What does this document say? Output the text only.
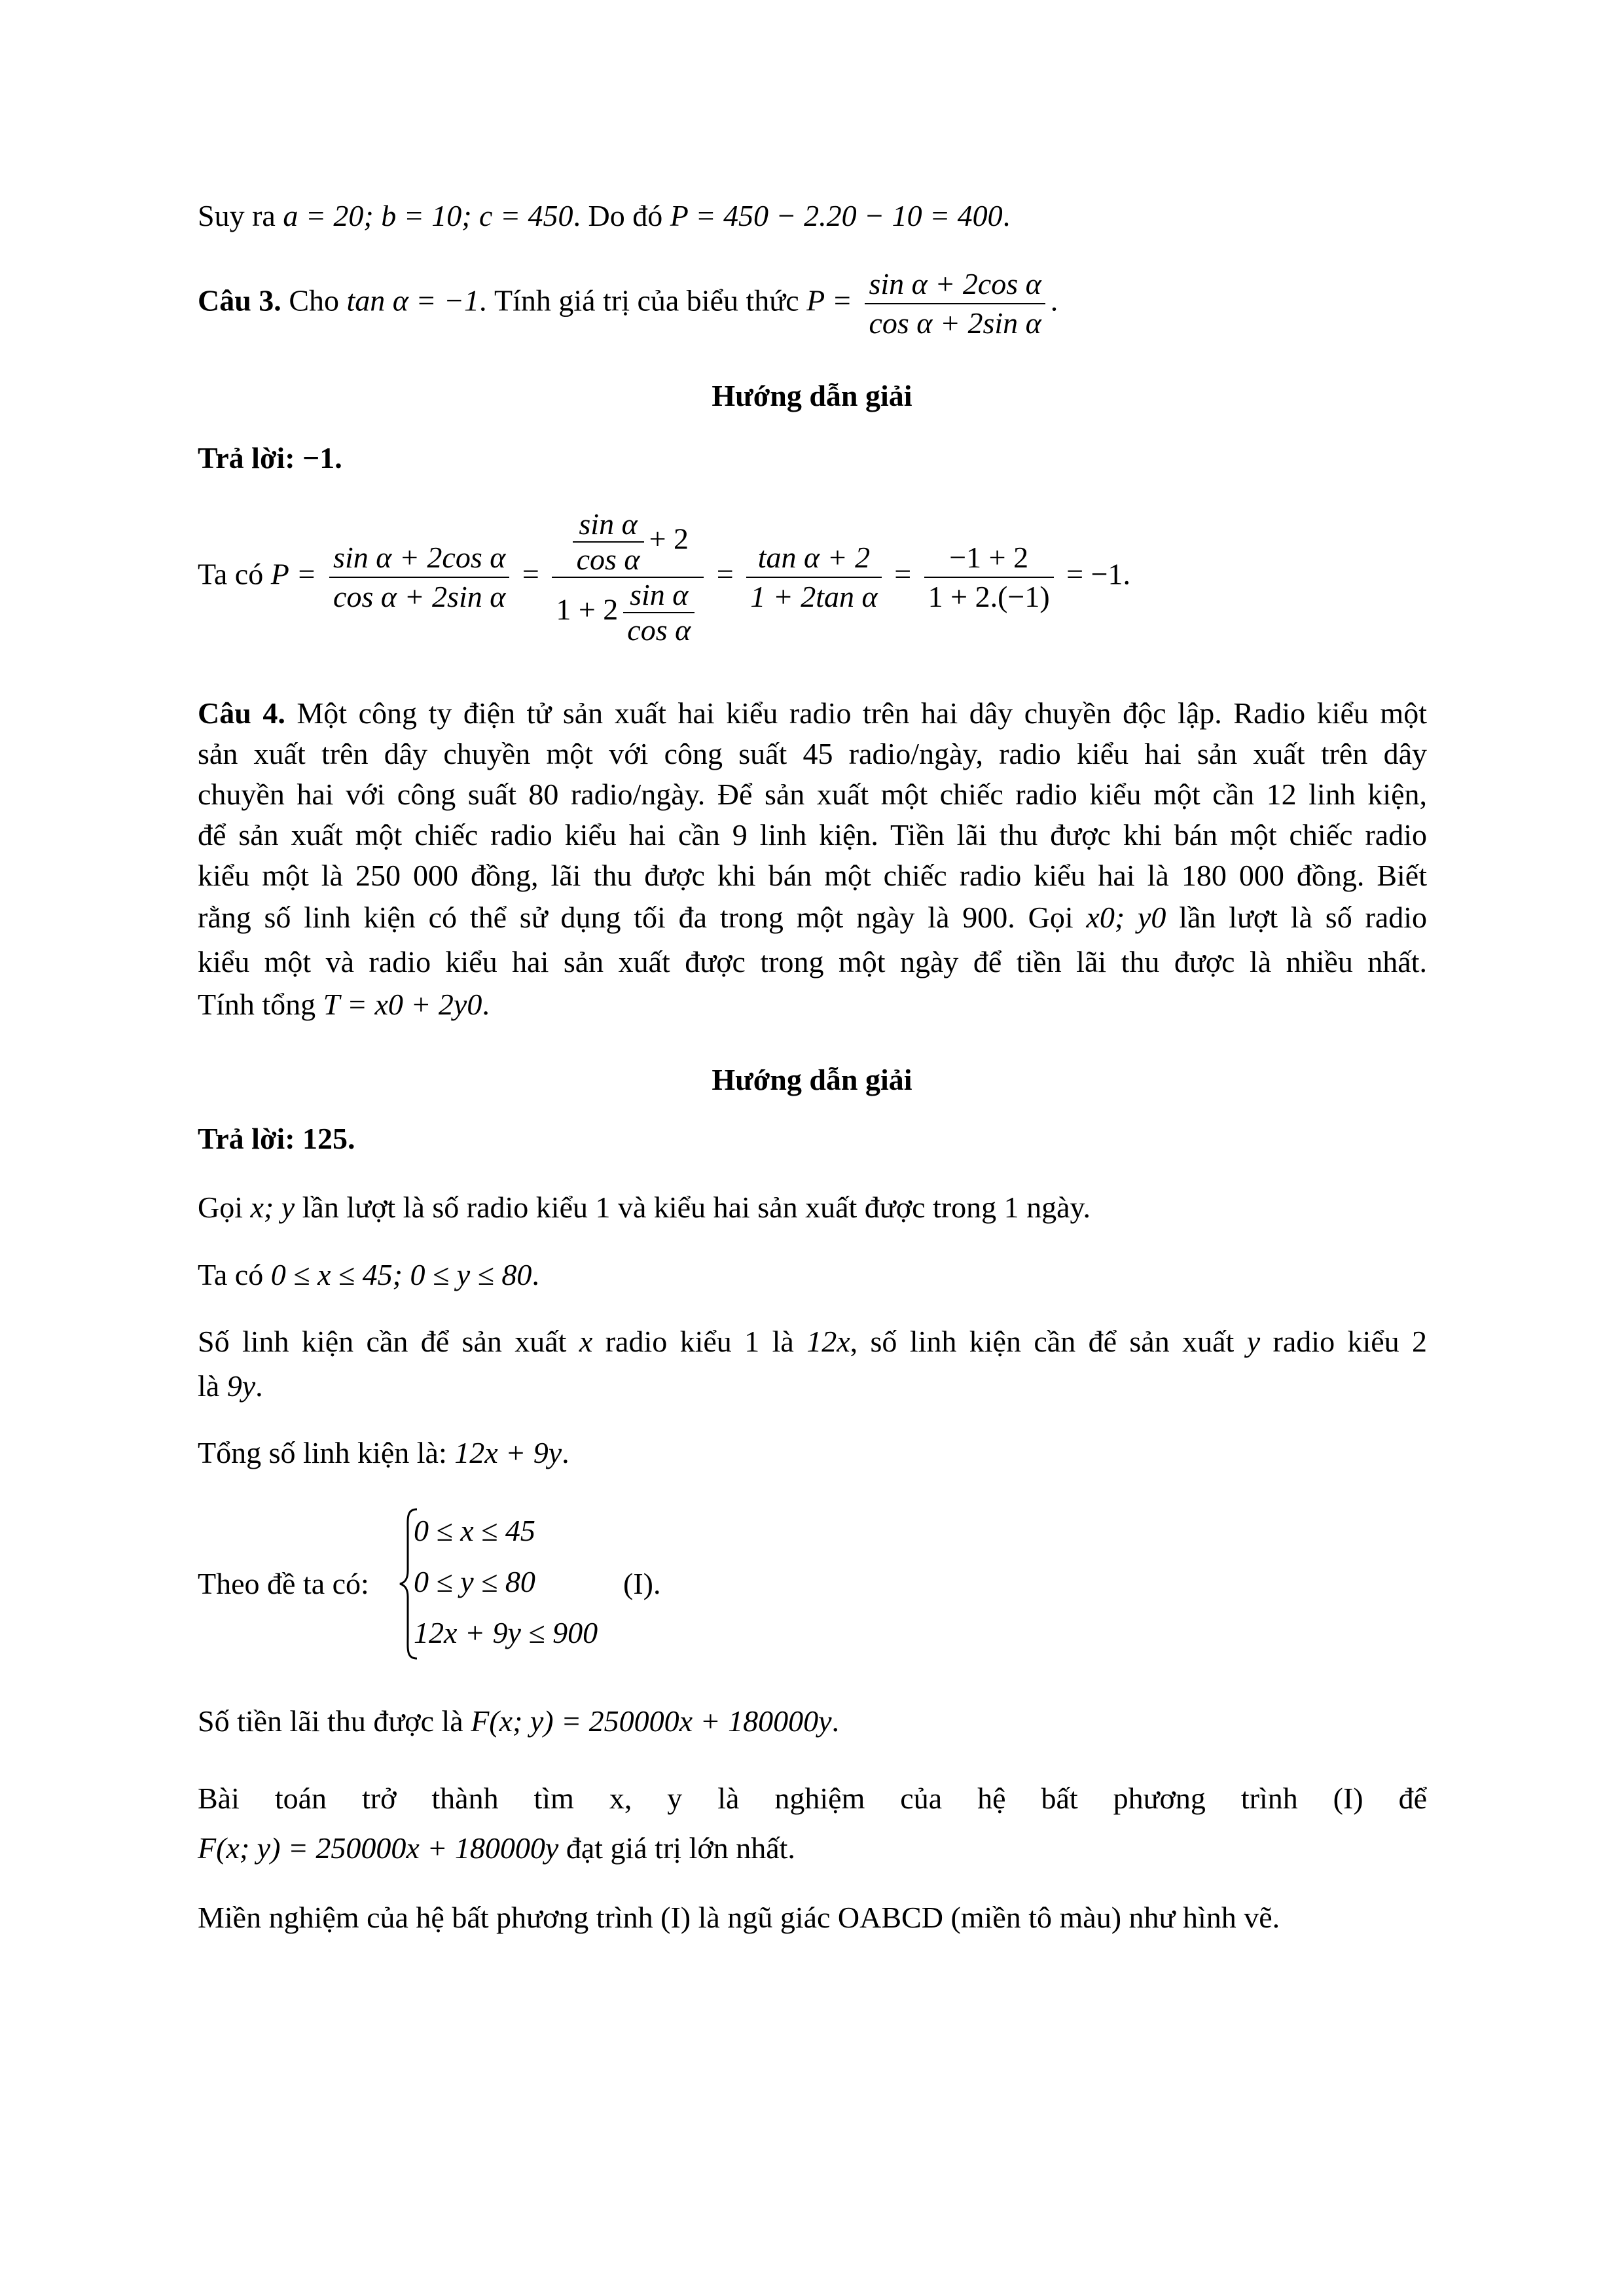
Suy ra a = 20; b = 10; c = 450. Do đó P = 450 − 2.20 − 10 = 400.
Câu 3. Cho tan α = −1. Tính giá trị của biểu thức $P = \frac{\text{sin α + 2cos α}}{\text{cos α + 2sin α}}$ .
Hướng dẫn giải
Trả lời: −1.
Ta có $P = \frac{\text{sin α + 2cos α}}{\text{cos α + 2sin α}} = \frac{\frac{\text{sin α}}{\text{cos α}} + 2}{1 + 2 \frac{\text{sin α}}{\text{cos α}}} = \frac{\text{tan α + 2}}{\text{1 + 2tan α}} = \frac{-1 + 2}{1 + 2.(-1)} = -1$.
Câu 4. Một công ty điện tử sản xuất hai kiểu radio trên hai dây chuyền độc lập. Radio kiểu một
sản xuất trên dây chuyền một với công suất 45 radio/ngày, radio kiểu hai sản xuất trên dây
chuyền hai với công suất 80 radio/ngày. Để sản xuất một chiếc radio kiểu một cần 12 linh kiện,
để sản xuất một chiếc radio kiểu hai cần 9 linh kiện. Tiền lãi thu được khi bán một chiếc radio
kiểu một là 250 000 đồng, lãi thu được khi bán một chiếc radio kiểu hai là 180 000 đồng. Biết
rằng số linh kiện có thể sử dụng tối đa trong một ngày là 900. Gọi x0; y0 lần lượt là số radio
kiểu một và radio kiểu hai sản xuất được trong một ngày để tiền lãi thu được là nhiều nhất.
Tính tổng T = x0 + 2y0.
Hướng dẫn giải
Trả lời: 125.
Gọi x; y lần lượt là số radio kiểu 1 và kiểu hai sản xuất được trong 1 ngày.
Ta có 0 ≤ x ≤ 45; 0 ≤ y ≤ 80.
Số linh kiện cần để sản xuất x radio kiểu 1 là 12x, số linh kiện cần để sản xuất y radio kiểu 2
là 9y.
Tổng số linh kiện là: 12x + 9y.
Theo đề ta có:
0 ≤ x ≤ 45
0 ≤ y ≤ 80
12x + 9y ≤ 900
(I).
Số tiền lãi thu được là F(x; y) = 250000x + 180000y.
Bài toán trở thành tìm x, y là nghiệm của hệ bất phương trình (I) để
F(x; y) = 250000x + 180000y đạt giá trị lớn nhất.
Miền nghiệm của hệ bất phương trình (I) là ngũ giác OABCD (miền tô màu) như hình vẽ.
